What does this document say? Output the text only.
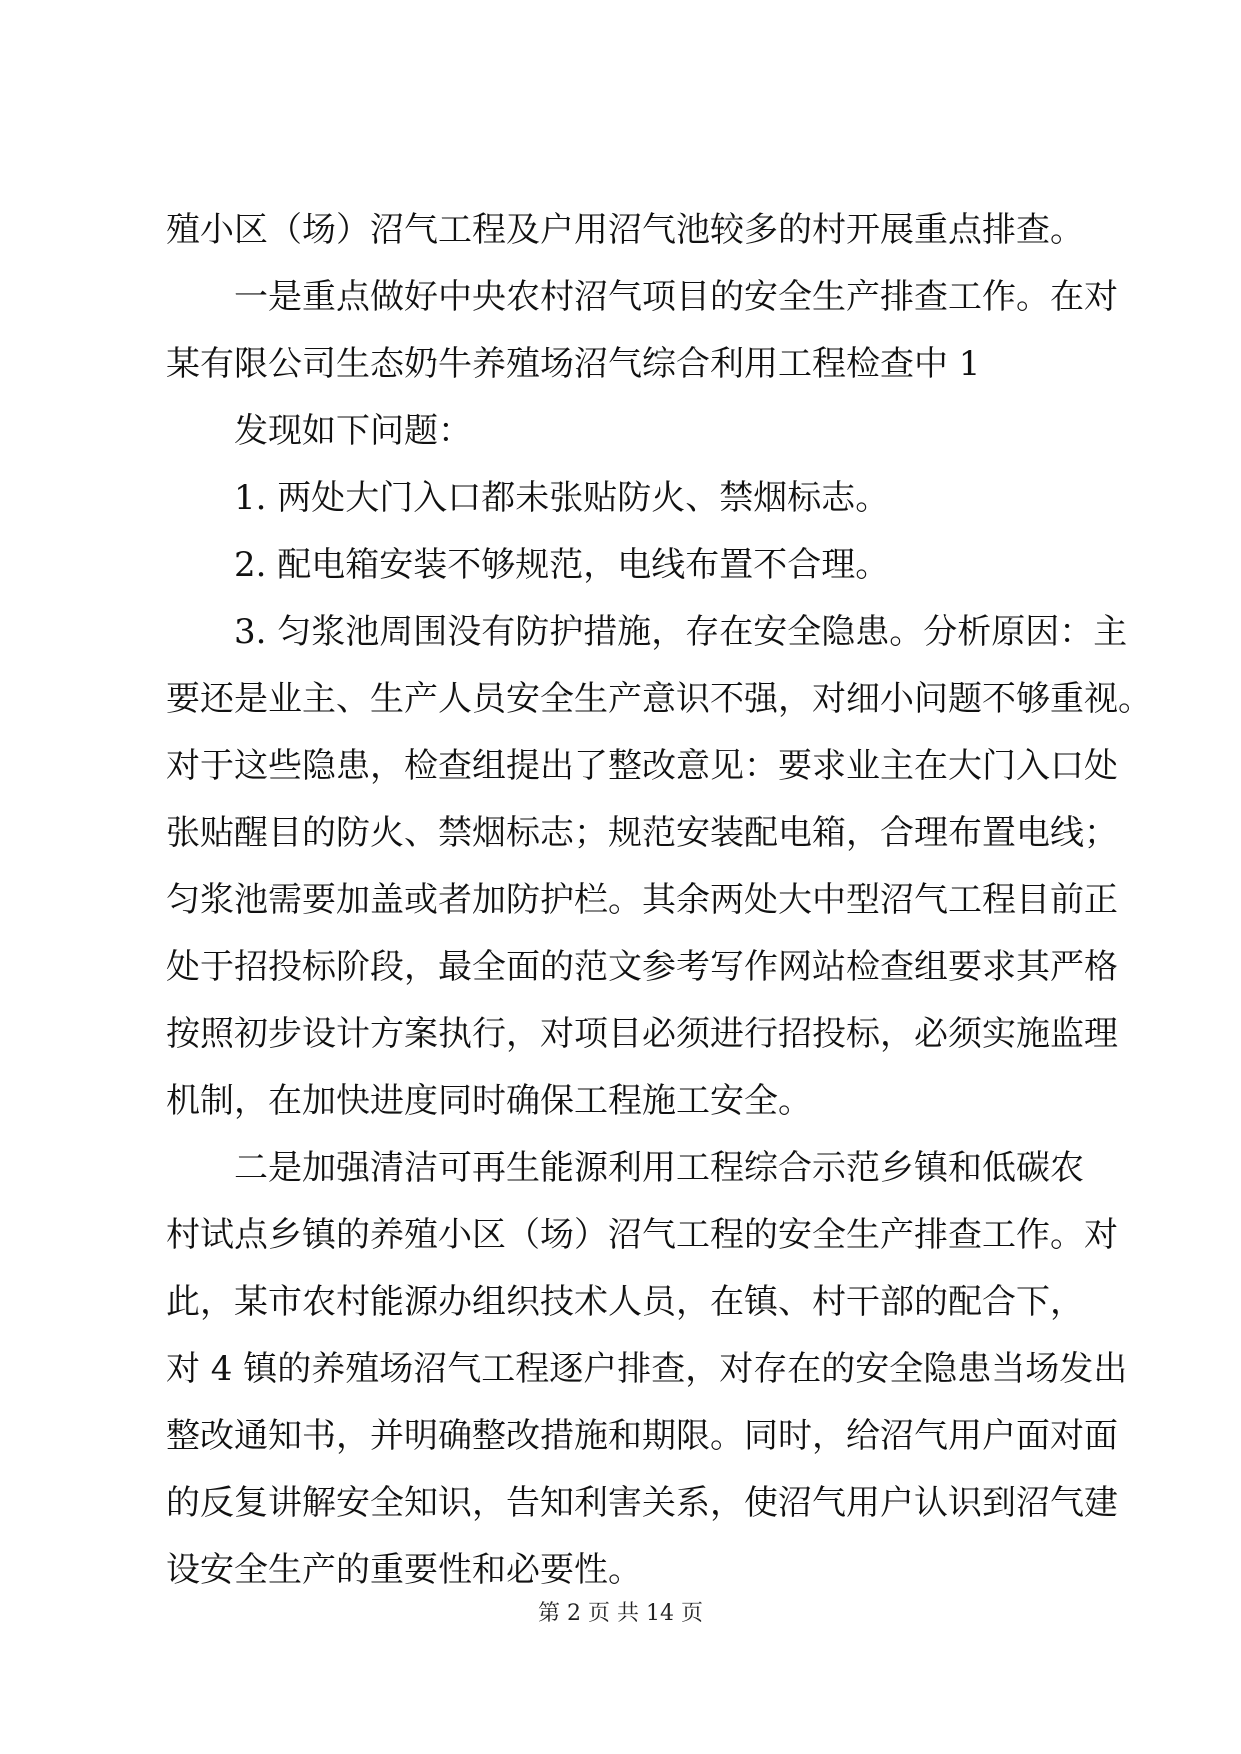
殖小区（场）沼气工程及户用沼气池较多的村开展重点排查。
一是重点做好中央农村沼气项目的安全生产排查工作。在对
某有限公司生态奶牛养殖场沼气综合利用工程检查中 1
发现如下问题：
1. 两处大门入口都未张贴防火、禁烟标志。
2. 配电箱安装不够规范，电线布置不合理。
3. 匀浆池周围没有防护措施，存在安全隐患。分析原因：主
要还是业主、生产人员安全生产意识不强，对细小问题不够重视。
对于这些隐患，检查组提出了整改意见：要求业主在大门入口处
张贴醒目的防火、禁烟标志；规范安装配电箱，合理布置电线；
匀浆池需要加盖或者加防护栏。其余两处大中型沼气工程目前正
处于招投标阶段，最全面的范文参考写作网站检查组要求其严格
按照初步设计方案执行，对项目必须进行招投标，必须实施监理
机制，在加快进度同时确保工程施工安全。
二是加强清洁可再生能源利用工程综合示范乡镇和低碳农
村试点乡镇的养殖小区（场）沼气工程的安全生产排查工作。对
此，某市农村能源办组织技术人员，在镇、村干部的配合下，
对 4 镇的养殖场沼气工程逐户排查，对存在的安全隐患当场发出
整改通知书，并明确整改措施和期限。同时，给沼气用户面对面
的反复讲解安全知识，告知利害关系，使沼气用户认识到沼气建
设安全生产的重要性和必要性。
第 2 页 共 14 页
